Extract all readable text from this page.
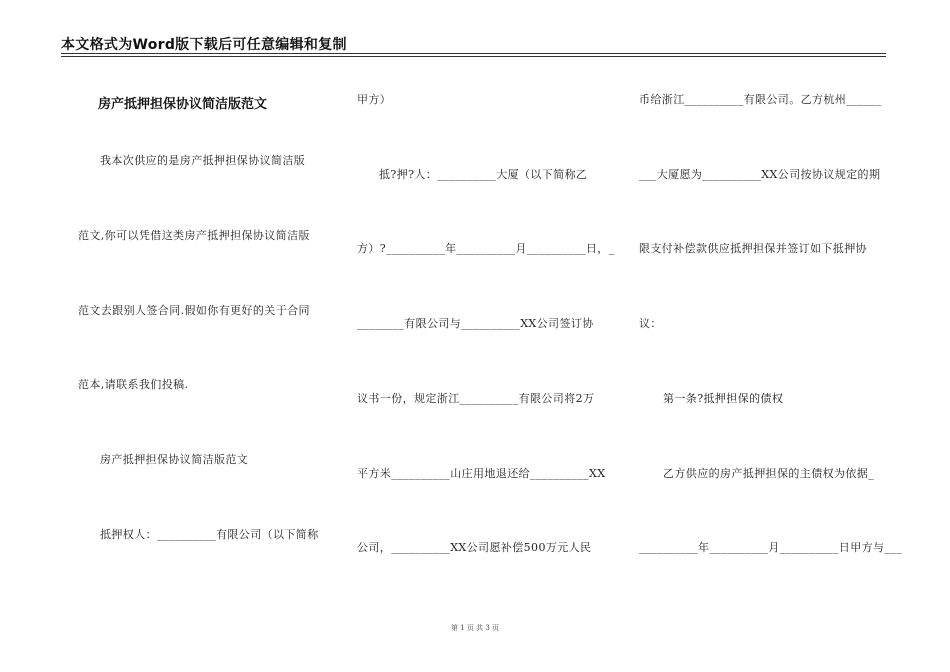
本文格式为Word版下载后可任意编辑和复制
房产抵押担保协议简洁版范文
我本次供应的是房产抵押担保协议简洁版
范文,你可以凭借这类房产抵押担保协议简洁版
范文去跟别人签合同.假如你有更好的关于合同
范本,请联系我们投稿.
房产抵押担保协议简洁版范文
抵押权人：__________有限公司（以下简称
甲方）
抵?押?人：__________大厦（以下简称乙
方）?__________年__________月__________日，_
________有限公司与__________XX公司签订协
议书一份，规定浙江__________有限公司将2万
平方米__________山庄用地退还给__________XX
公司，__________XX公司愿补偿500万元人民
币给浙江__________有限公司。乙方杭州______
___大厦愿为__________XX公司按协议规定的期
限支付补偿款供应抵押担保并签订如下抵押协
议：
第一条?抵押担保的债权
乙方供应的房产抵押担保的主债权为依据_
__________年__________月__________日甲方与___
第 1 页 共 3 页
